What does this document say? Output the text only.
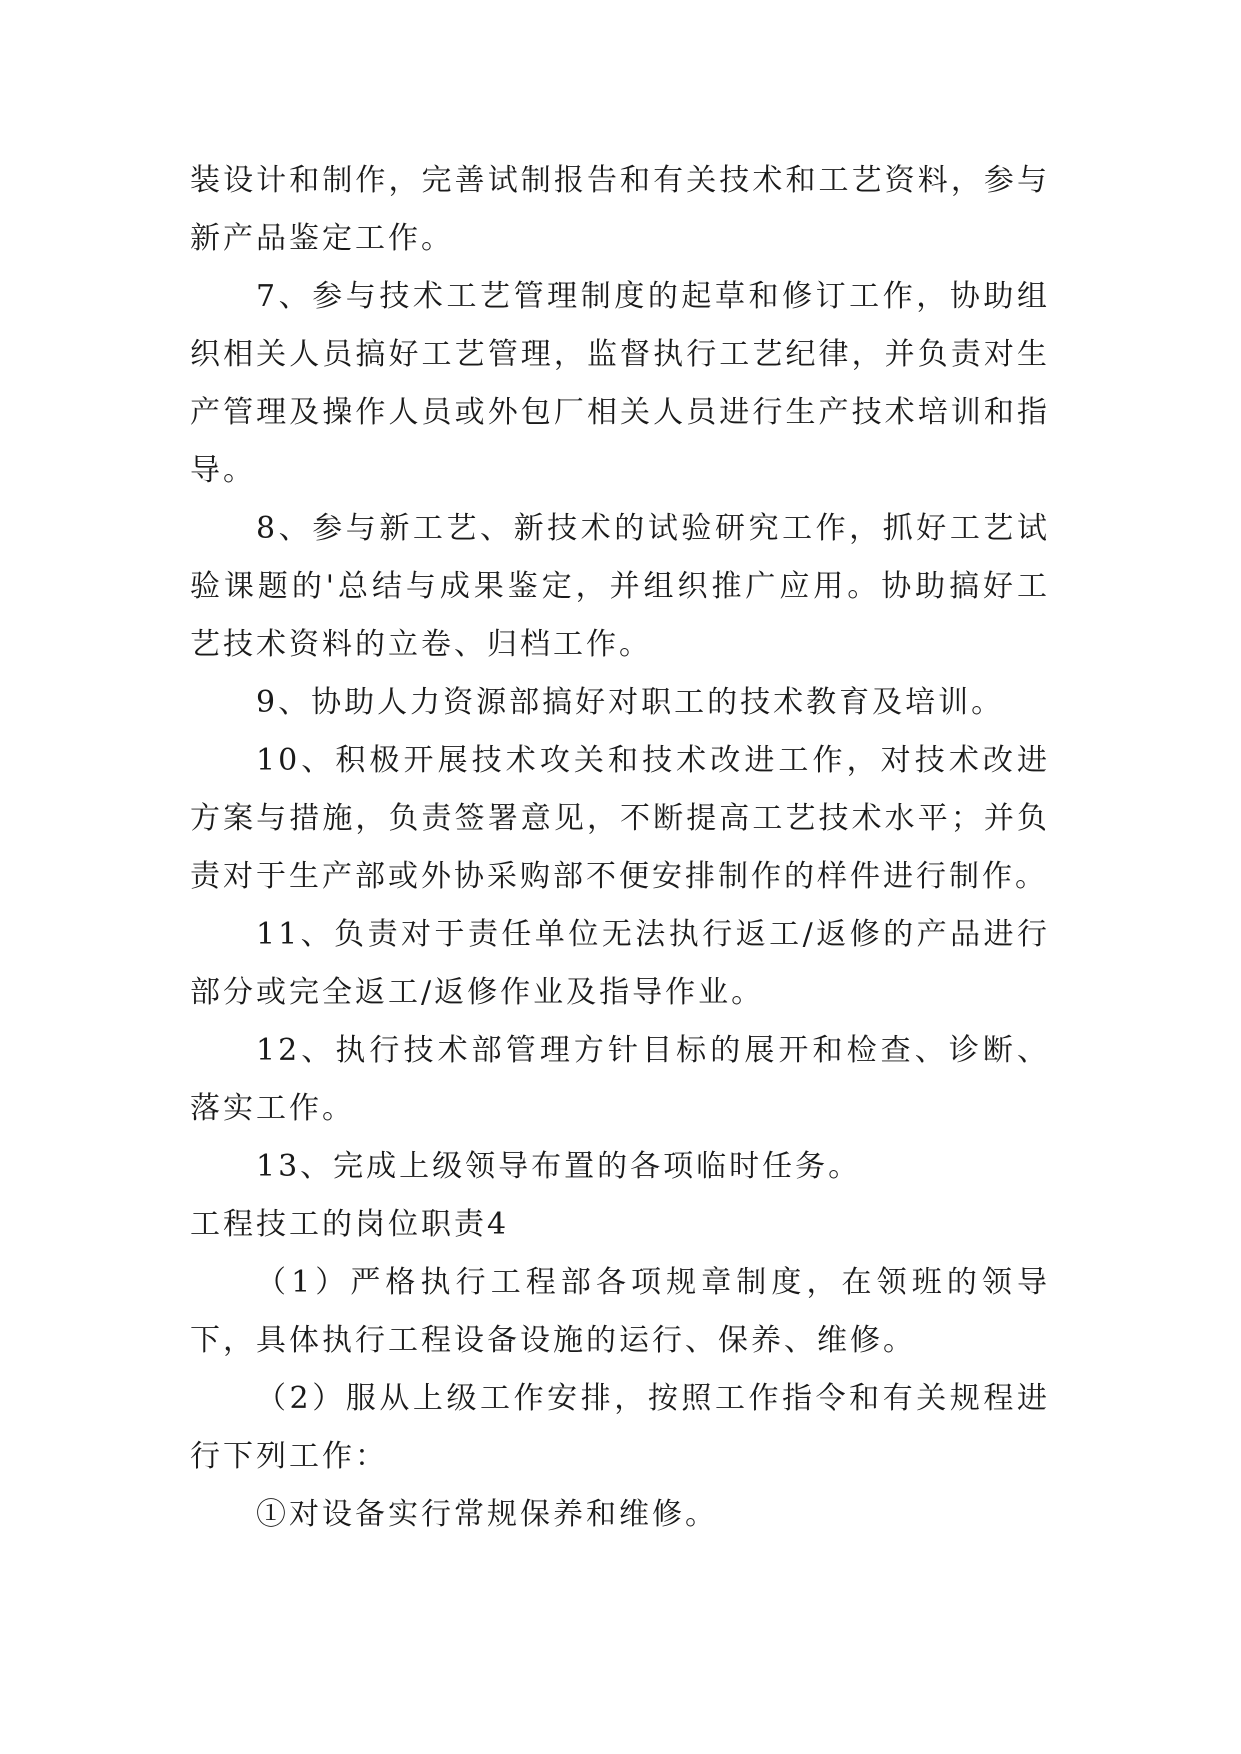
装设计和制作，完善试制报告和有关技术和工艺资料，参与新产品鉴定工作。

7、参与技术工艺管理制度的起草和修订工作，协助组织相关人员搞好工艺管理，监督执行工艺纪律，并负责对生产管理及操作人员或外包厂相关人员进行生产技术培训和指导。

8、参与新工艺、新技术的试验研究工作，抓好工艺试验课题的'总结与成果鉴定，并组织推广应用。协助搞好工艺技术资料的立卷、归档工作。

9、协助人力资源部搞好对职工的技术教育及培训。

10、积极开展技术攻关和技术改进工作，对技术改进方案与措施，负责签署意见，不断提高工艺技术水平；并负责对于生产部或外协采购部不便安排制作的样件进行制作。

11、负责对于责任单位无法执行返工/返修的产品进行部分或完全返工/返修作业及指导作业。

12、执行技术部管理方针目标的展开和检查、诊断、落实工作。

13、完成上级领导布置的各项临时任务。

工程技工的岗位职责4

（1）严格执行工程部各项规章制度，在领班的领导下，具体执行工程设备设施的运行、保养、维修。

（2）服从上级工作安排，按照工作指令和有关规程进行下列工作：

①对设备实行常规保养和维修。
